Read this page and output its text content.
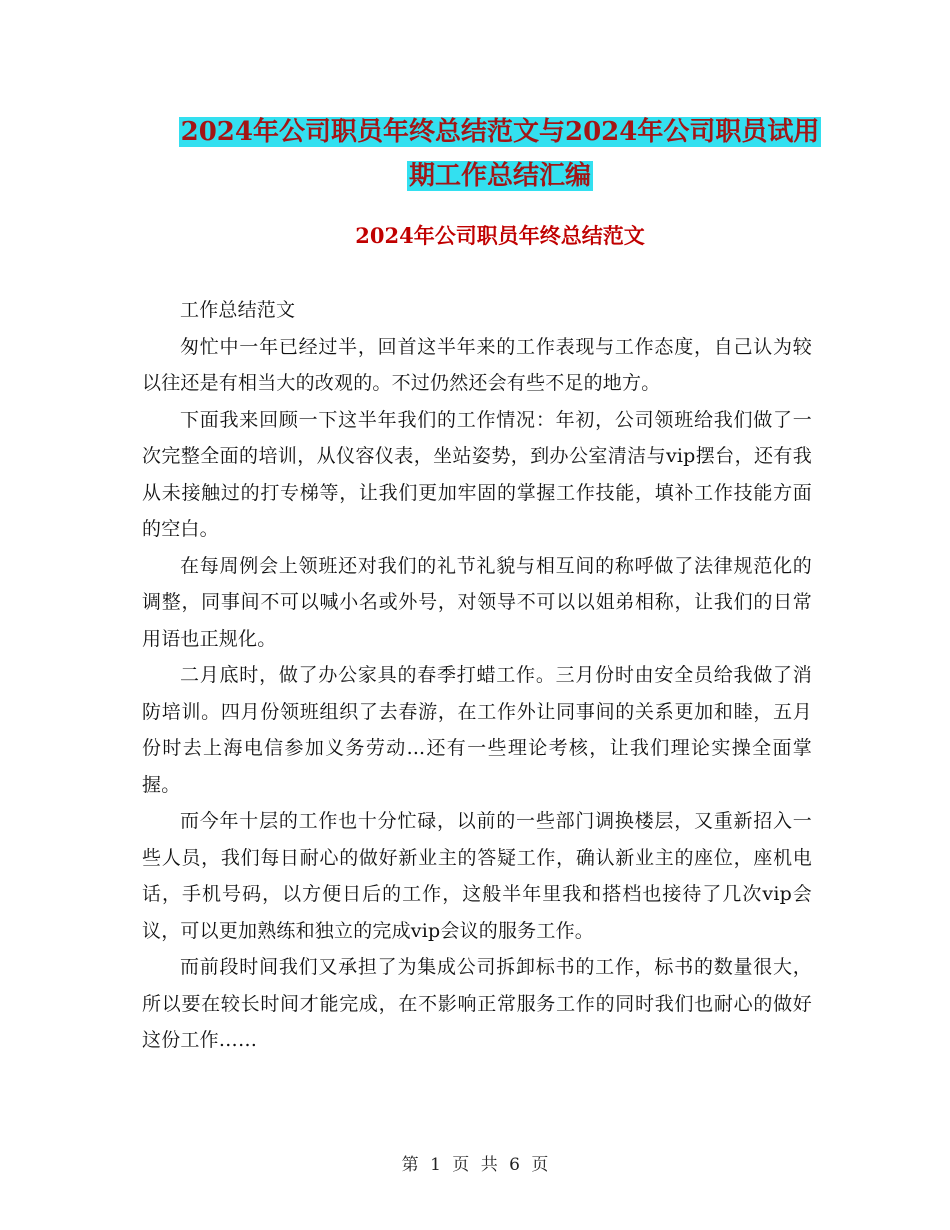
2024年公司职员年终总结范文与2024年公司职员试用
期工作总结汇编
2024年公司职员年终总结范文

工作总结范文

匆忙中一年已经过半，回首这半年来的工作表现与工作态度，自己认为较以往还是有相当大的改观的。不过仍然还会有些不足的地方。

下面我来回顾一下这半年我们的工作情况：年初，公司领班给我们做了一次完整全面的培训，从仪容仪表，坐站姿势，到办公室清洁与vip摆台，还有我从未接触过的打专梯等，让我们更加牢固的掌握工作技能，填补工作技能方面的空白。

在每周例会上领班还对我们的礼节礼貌与相互间的称呼做了法律规范化的调整，同事间不可以喊小名或外号，对领导不可以以姐弟相称，让我们的日常用语也正规化。

二月底时，做了办公家具的春季打蜡工作。三月份时由安全员给我做了消防培训。四月份领班组织了去春游，在工作外让同事间的关系更加和睦，五月份时去上海电信参加义务劳动...还有一些理论考核，让我们理论实操全面掌握。

而今年十层的工作也十分忙碌，以前的一些部门调换楼层，又重新招入一些人员，我们每日耐心的做好新业主的答疑工作，确认新业主的座位，座机电话，手机号码，以方便日后的工作，这般半年里我和搭档也接待了几次vip会议，可以更加熟练和独立的完成vip会议的服务工作。

而前段时间我们又承担了为集成公司拆卸标书的工作，标书的数量很大，所以要在较长时间才能完成，在不影响正常服务工作的同时我们也耐心的做好这份工作……

第 1 页 共 6 页
